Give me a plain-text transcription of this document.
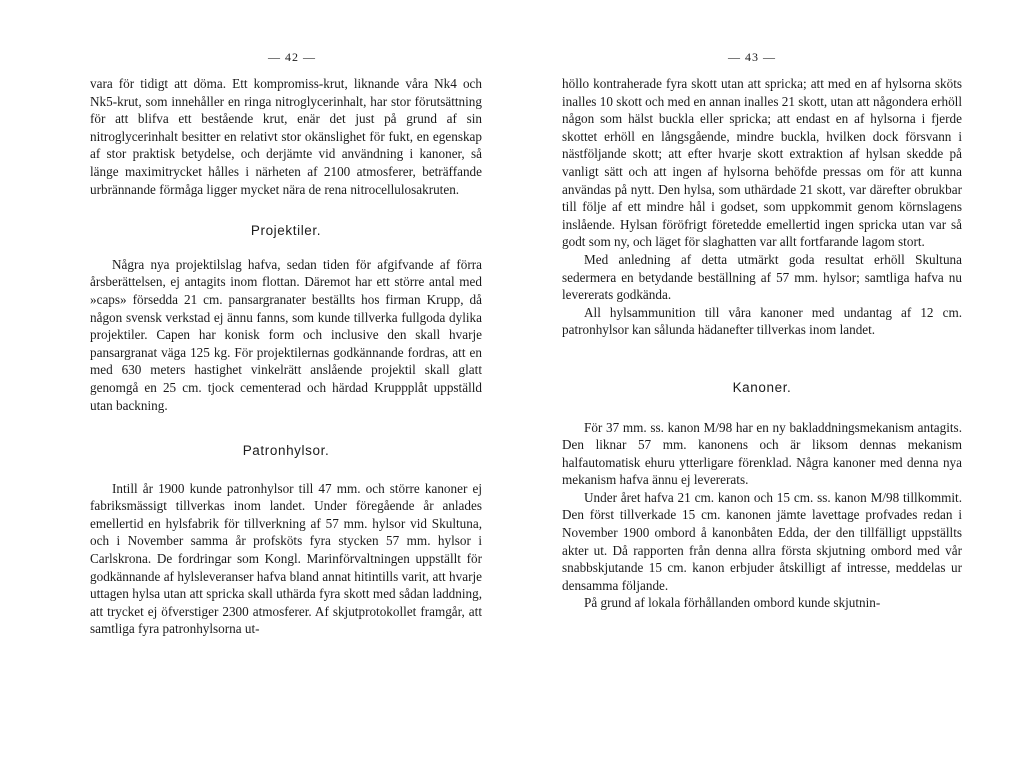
— 42 —

vara för tidigt att döma. Ett kompromiss-krut, liknande våra Nk4 och Nk5-krut, som innehåller en ringa nitroglycerinhalt, har stor förutsättning för att blifva ett bestående krut, enär det just på grund af sin nitroglycerinhalt besitter en relativt stor okänslighet för fukt, en egenskap af stor praktisk betydelse, och derjämte vid användning i kanoner, så länge maximitrycket hålles i närheten af 2100 atmosferer, beträffande urbrännande förmåga ligger mycket nära de rena nitrocellulosakruten.

Projektiler.

Några nya projektilslag hafva, sedan tiden för afgifvande af förra årsberättelsen, ej antagits inom flottan. Däremot har ett större antal med »caps» försedda 21 cm. pansargranater beställts hos firman Krupp, då någon svensk verkstad ej ännu fanns, som kunde tillverka fullgoda dylika projektiler. Capen har konisk form och inclusive den skall hvarje pansargranat väga 125 kg. För projektilernas godkännande fordras, att en med 630 meters hastighet vinkelrätt anslående projektil skall glatt genomgå en 25 cm. tjock cementerad och härdad Kruppplåt uppställd utan backning.

Patronhylsor.

Intill år 1900 kunde patronhylsor till 47 mm. och större kanoner ej fabriksmässigt tillverkas inom landet. Under föregående år anlades emellertid en hylsfabrik för tillverkning af 57 mm. hylsor vid Skultuna, och i November samma år profsköts fyra stycken 57 mm. hylsor i Carlskrona. De fordringar som Kongl. Marinförvaltningen uppställt för godkännande af hylsleveranser hafva bland annat hitintills varit, att hvarje uttagen hylsa utan att spricka skall uthärda fyra skott med sådan laddning, att trycket ej öfverstiger 2300 atmosferer. Af skjutprotokollet framgår, att samtliga fyra patronhylsorna ut-

— 43 —

höllo kontraherade fyra skott utan att spricka; att med en af hylsorna sköts inalles 10 skott och med en annan inalles 21 skott, utan att någondera erhöll någon som hälst buckla eller spricka; att endast en af hylsorna i fjerde skottet erhöll en långsgående, mindre buckla, hvilken dock försvann i nästföljande skott; att efter hvarje skott extraktion af hylsan skedde på vanligt sätt och att ingen af hylsorna behöfde pressas om för att kunna användas på nytt. Den hylsa, som uthärdade 21 skott, var därefter obrukbar till följe af ett mindre hål i godset, som uppkommit genom körnslagens inslående. Hylsan föröfrigt företedde emellertid ingen spricka utan var så godt som ny, och läget för slaghatten var allt fortfarande lagom stort.

Med anledning af detta utmärkt goda resultat erhöll Skultuna sedermera en betydande beställning af 57 mm. hylsor; samtliga hafva nu levererats godkända.

All hylsammunition till våra kanoner med undantag af 12 cm. patronhylsor kan sålunda hädanefter tillverkas inom landet.

Kanoner.

För 37 mm. ss. kanon M/98 har en ny bakladdningsmekanism antagits. Den liknar 57 mm. kanonens och är liksom dennas mekanism halfautomatisk ehuru ytterligare förenklad. Några kanoner med denna nya mekanism hafva ännu ej levererats.

Under året hafva 21 cm. kanon och 15 cm. ss. kanon M/98 tillkommit. Den först tillverkade 15 cm. kanonen jämte lavettage profvades redan i November 1900 ombord å kanonbåten Edda, der den tillfälligt uppställts akter ut. Då rapporten från denna allra första skjutning ombord med vår snabbskjutande 15 cm. kanon erbjuder åtskilligt af intresse, meddelas ur densamma följande.

På grund af lokala förhållanden ombord kunde skjutnin-
